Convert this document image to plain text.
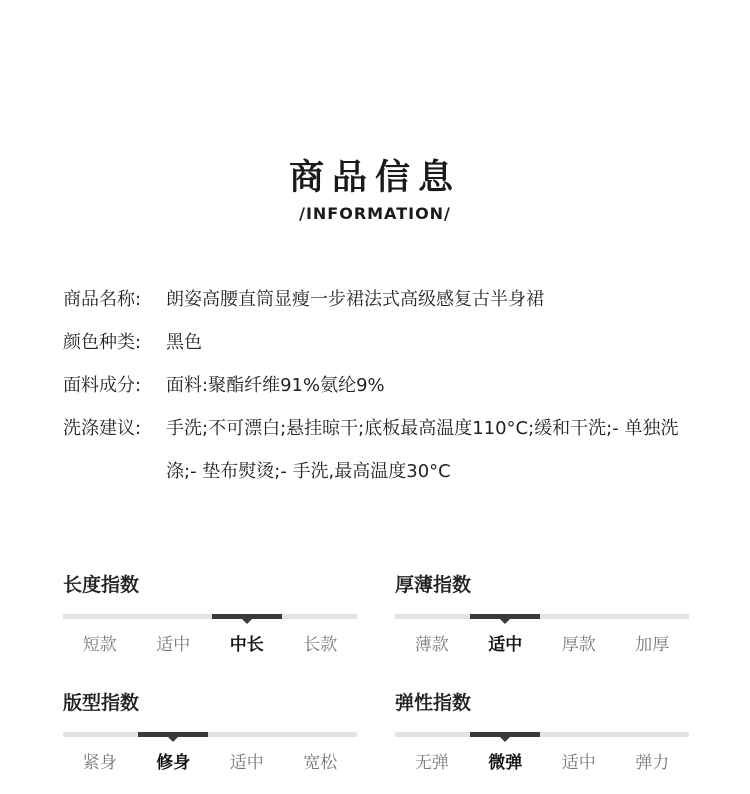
商品信息
/INFORMATION/
商品名称:	朗姿高腰直筒显瘦一步裙法式高级感复古半身裙
颜色种类:	黑色
面料成分:	面料:聚酯纤维91%氨纶9%
洗涤建议:	手洗;不可漂白;悬挂晾干;底板最高温度110°C;缓和干洗;- 单独洗涤;- 垫布熨烫;- 手洗,最高温度30°C
长度指数
短款	适中	中长	长款
厚薄指数
薄款	适中	厚款	加厚
版型指数
紧身	修身	适中	宽松
弹性指数
无弹	微弹	适中	弹力
